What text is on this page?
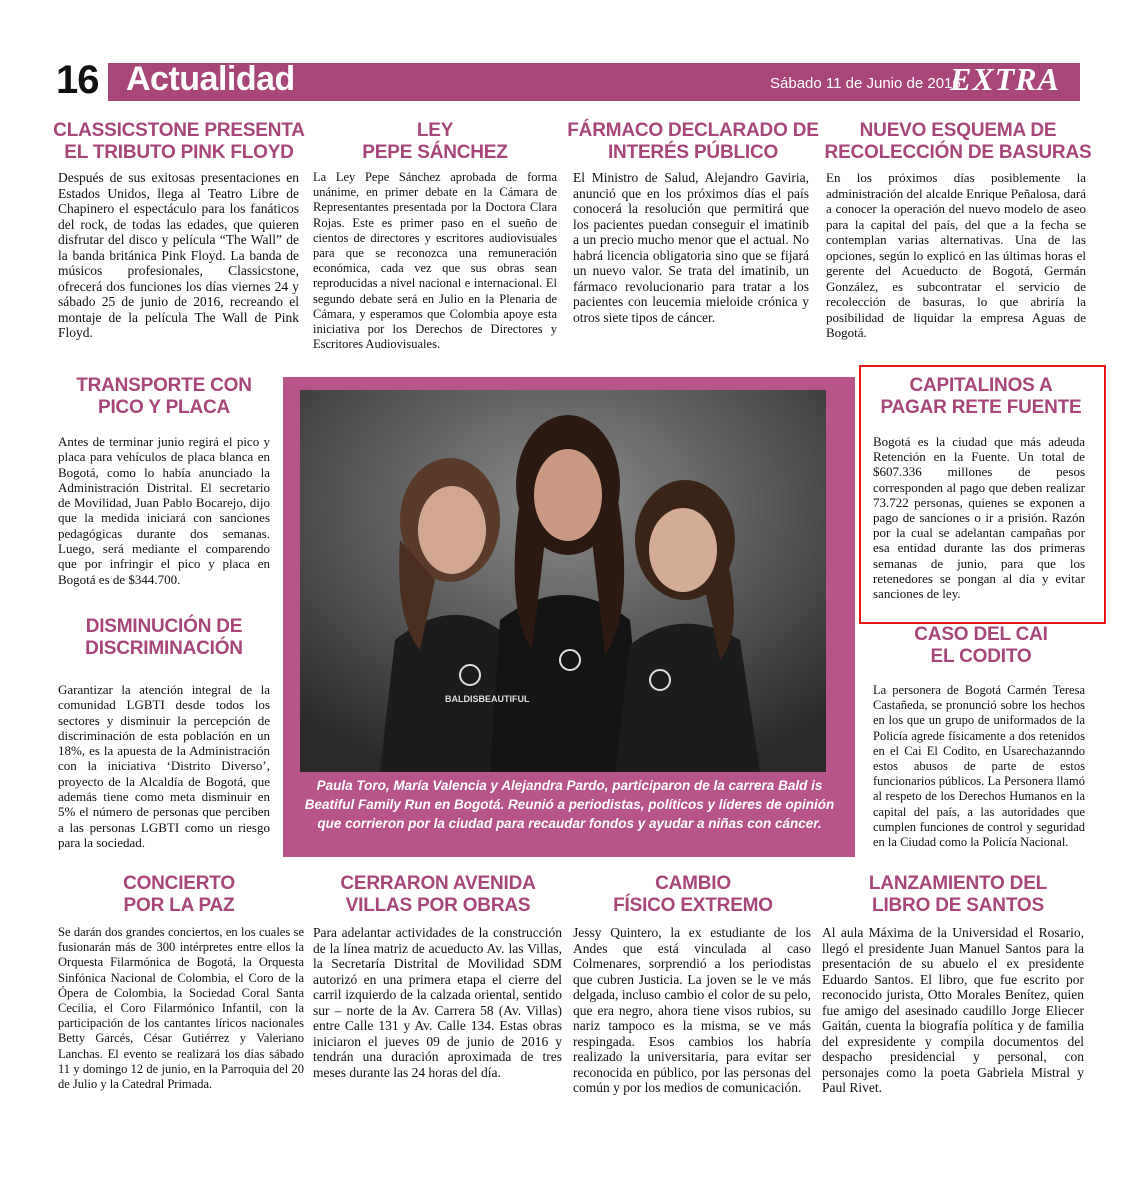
16 Actualidad	Sábado 11 de Junio de 2016
EXTRA
CLASSICSTONE PRESENTA
EL TRIBUTO PINK FLOYD

Después de sus exitosas presentaciones en Estados Unidos, llega al Teatro Libre de Chapinero el espectáculo para los fanáticos del rock, de todas las edades, que quieren disfrutar del disco y película “The Wall” de la banda británica Pink Floyd. La banda de músicos profesionales, Classicstone, ofrecerá dos funciones los días viernes 24 y sábado 25 de junio de 2016, recreando el montaje de la película The Wall de Pink Floyd.

LEY
PEPE SÁNCHEZ

La Ley Pepe Sánchez aprobada de forma unánime, en primer debate en la Cámara de Representantes presentada por la Doctora Clara Rojas. Este es primer paso en el sueño de cientos de directores y escritores audiovisuales para que se reconozca una remuneración económica, cada vez que sus obras sean reproducidas a nivel nacional e internacional. El segundo debate será en Julio en la Plenaria de Cámara, y esperamos que Colombia apoye esta iniciativa por los Derechos de Directores y Escritores Audiovisuales.

FÁRMACO DECLARADO DE
INTERÉS PÚBLICO

El Ministro de Salud, Alejandro Gaviria, anunció que en los próximos días el país conocerá la resolución que permitirá que los pacientes puedan conseguir el imatinib a un precio mucho menor que el actual. No habrá licencia obligatoria sino que se fijará un nuevo valor. Se trata del imatinib, un fármaco revolucionario para tratar a los pacientes con leucemia mieloide crónica y otros siete tipos de cáncer.

NUEVO ESQUEMA DE
RECOLECCIÓN DE BASURAS

En los próximos días posiblemente la administración del alcalde Enrique Peñalosa, dará a conocer la operación del nuevo modelo de aseo para la capital del país, del que a la fecha se contemplan varias alternativas. Una de las opciones, según lo explicó en las últimas horas el gerente del Acueducto de Bogotá, Germán González, es subcontratar el servicio de recolección de basuras, lo que abriría la posibilidad de liquidar la empresa Aguas de Bogotá.

TRANSPORTE CON
PICO Y PLACA

Antes de terminar junio regirá el pico y placa para vehículos de placa blanca en Bogotá, como lo había anunciado la Administración Distrital. El secretario de Movilidad, Juan Pablo Bocarejo, dijo que la medida iniciará con sanciones pedagógicas durante dos semanas. Luego, será mediante el comparendo que por infringir el pico y placa en Bogotá es de $344.700.

DISMINUCIÓN DE
DISCRIMINACIÓN

Garantizar la atención integral de la comunidad LGBTI desde todos los sectores y disminuir la percepción de discriminación de esta población en un 18%, es la apuesta de la Administración con la iniciativa ‘Distrito Diverso’, proyecto de la Alcaldía de Bogotá, que además tiene como meta disminuir en 5% el número de personas que perciben a las personas LGBTI como un riesgo para la sociedad.

BALDISBEAUTIFUL

Paula Toro, María Valencia y Alejandra Pardo, participaron de la carrera Bald is Beatiful Family Run en Bogotá. Reunió a periodistas, políticos y líderes de opinión que corrieron por la ciudad para recaudar fondos y ayudar a niñas con cáncer.

CAPITALINOS A
PAGAR RETE FUENTE

Bogotá es la ciudad que más adeuda Retención en la Fuente. Un total de $607.336 millones de pesos corresponden al pago que deben realizar 73.722 personas, quienes se exponen a pago de sanciones o ir a prisión. Razón por la cual se adelantan campañas por esa entidad durante las dos primeras semanas de junio, para que los retenedores se pongan al día y evitar sanciones de ley.

CASO DEL CAI
EL CODITO

La personera de Bogotá Carmén Teresa Castañeda, se pronunció sobre los hechos en los que un grupo de uniformados de la Policía agrede físicamente a dos retenidos en el Cai El Codito, en Usarechazanndo estos abusos de parte de estos funcionarios públicos. La Personera llamó al respeto de los Derechos Humanos en la capital del país, a las autoridades que cumplen funciones de control y seguridad en la Ciudad como la Policía Nacional.

CONCIERTO
POR LA PAZ

Se darán dos grandes conciertos, en los cuales se fusionarán más de 300 intérpretes entre ellos la Orquesta Filarmónica de Bogotá, la Orquesta Sinfónica Nacional de Colombia, el Coro de la Ópera de Colombia, la Sociedad Coral Santa Cecilia, el Coro Filarmónico Infantil, con la participación de los cantantes líricos nacionales Betty Garcés, César Gutiérrez y Valeriano Lanchas. El evento se realizará los días sábado 11 y domingo 12 de junio, en la Parroquia del 20 de Julio y la Catedral Primada.

CERRARON AVENIDA
VILLAS POR OBRAS

Para adelantar actividades de la construcción de la línea matriz de acueducto Av. las Villas, la Secretaría Distrital de Movilidad SDM autorizó en una primera etapa el cierre del carril izquierdo de la calzada oriental, sentido sur – norte de la Av. Carrera 58 (Av. Villas) entre Calle 131 y Av. Calle 134. Estas obras iniciaron el jueves 09 de junio de 2016 y tendrán una duración aproximada de tres meses durante las 24 horas del día.

CAMBIO
FÍSICO EXTREMO

Jessy Quintero, la ex estudiante de los Andes que está vinculada al caso Colmenares, sorprendió a los periodistas que cubren Justicia. La joven se le ve más delgada, incluso cambio el color de su pelo, que era negro, ahora tiene visos rubios, su nariz tampoco es la misma, se ve más respingada. Esos cambios los habría realizado la universitaria, para evitar ser reconocida en público, por las personas del común y por los medios de comunicación.

LANZAMIENTO DEL
LIBRO DE SANTOS

Al aula Máxima de la Universidad el Rosario, llegó el presidente Juan Manuel Santos para la presentación de su abuelo el ex presidente Eduardo Santos. El libro, que fue escrito por reconocido jurista, Otto Morales Benítez, quien fue amigo del asesinado caudillo Jorge Eliecer Gaitán, cuenta la biografía política y de familia del expresidente y compila documentos del despacho presidencial y personal, con personajes como la poeta Gabriela Mistral y Paul Rivet.
